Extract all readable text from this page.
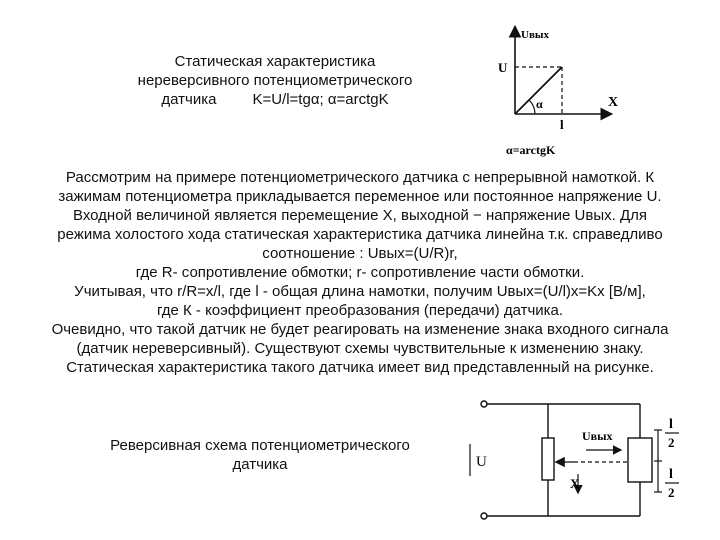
Статическая характеристика
нереверсивного потенциометрического
датчика K=U/l=tgα; α=arctgK
Uвых
U
α	X
l
α=arctgK

Рассмотрим на примере потенциометрического датчика с непрерывной намоткой. К

зажимам потенциометра прикладывается переменное или постоянное напряжение U.

Входной величиной является перемещение X, выходной − напряжение Uвых. Для

режима холостого хода статическая характеристика датчика линейна т.к. справедливо

соотношение : Uвых=(U/R)r,

где R- сопротивление обмотки; r- сопротивление части обмотки.

Учитывая, что r/R=x/l, где l - общая длина намотки, получим Uвых=(U/l)x=Kx [В/м],

где К - коэффициент преобразования (передачи) датчика.

Очевидно, что такой датчик не будет реагировать на изменение знака входного сигнала

(датчик нереверсивный). Существуют схемы чувствительные к изменению знаку.

Статическая характеристика такого датчика имеет вид представленный на рисунке.

Реверсивная схема потенциометрического
датчика	U
X
Uвых
l
2
l
2
